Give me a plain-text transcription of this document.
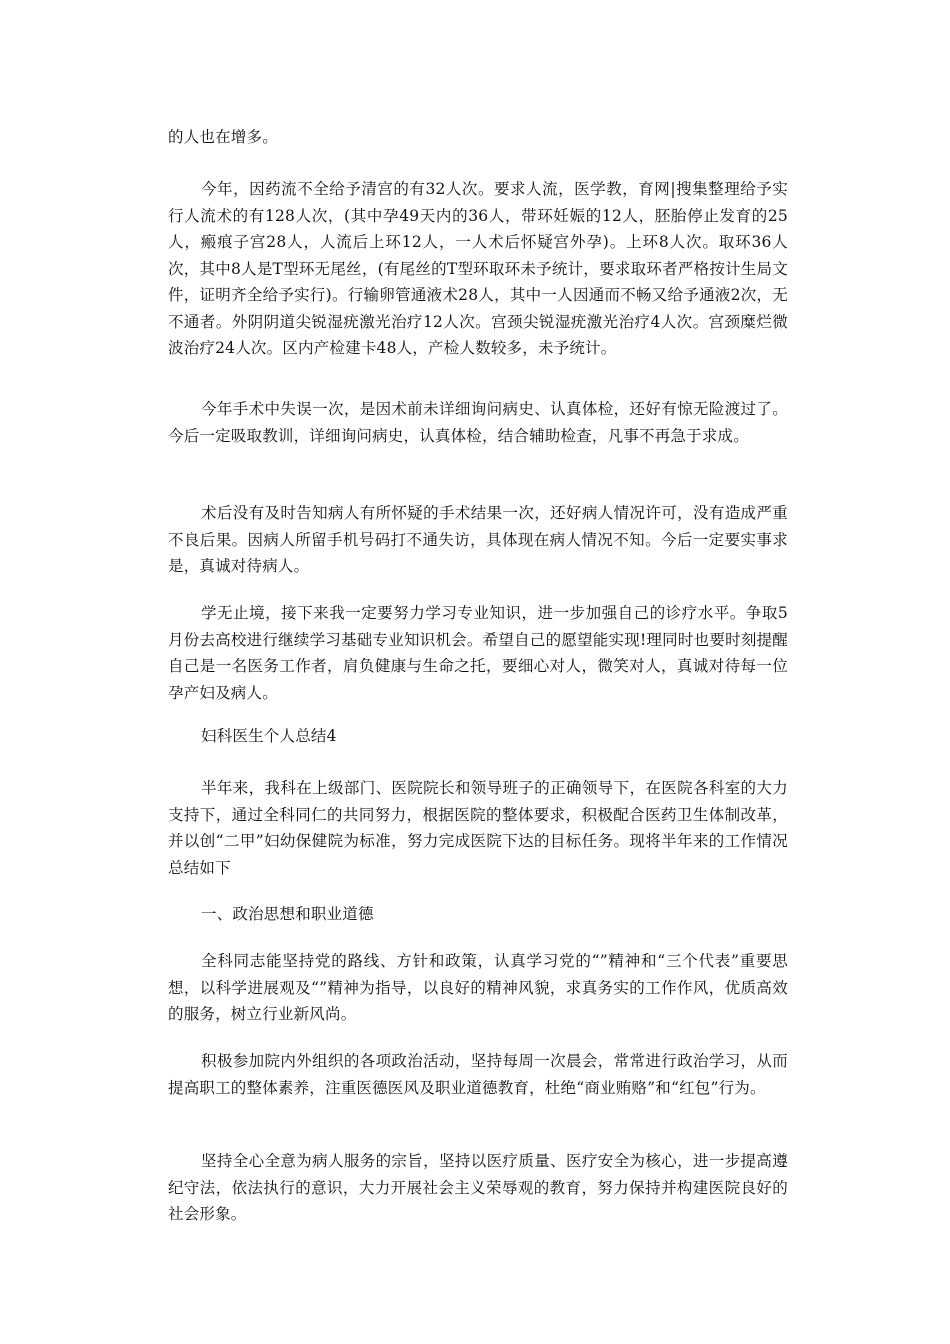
的人也在增多。

今年，因药流不全给予清宫的有32人次。要求人流，医学教，育网|搜集整理给予实行人流术的有128人次，(其中孕49天内的36人，带环妊娠的12人，胚胎停止发育的25人，瘢痕子宫28人，人流后上环12人，一人术后怀疑宫外孕)。上环8人次。取环36人次，其中8人是T型环无尾丝，(有尾丝的T型环取环未予统计，要求取环者严格按计生局文件，证明齐全给予实行)。行输卵管通液术28人，其中一人因通而不畅又给予通液2次，无不通者。外阴阴道尖锐湿疣激光治疗12人次。宫颈尖锐湿疣激光治疗4人次。宫颈糜烂微波治疗24人次。区内产检建卡48人，产检人数较多，未予统计。

今年手术中失误一次，是因术前未详细询问病史、认真体检，还好有惊无险渡过了。今后一定吸取教训，详细询问病史，认真体检，结合辅助检查，凡事不再急于求成。

术后没有及时告知病人有所怀疑的手术结果一次，还好病人情况许可，没有造成严重不良后果。因病人所留手机号码打不通失访，具体现在病人情况不知。今后一定要实事求是，真诚对待病人。

学无止境，接下来我一定要努力学习专业知识，进一步加强自己的诊疗水平。争取5月份去高校进行继续学习基础专业知识机会。希望自己的愿望能实现!理同时也要时刻提醒自己是一名医务工作者，肩负健康与生命之托，要细心对人，微笑对人，真诚对待每一位孕产妇及病人。

妇科医生个人总结4

半年来，我科在上级部门、医院院长和领导班子的正确领导下，在医院各科室的大力支持下，通过全科同仁的共同努力，根据医院的整体要求，积极配合医药卫生体制改革，并以创“二甲”妇幼保健院为标准，努力完成医院下达的目标任务。现将半年来的工作情况总结如下

一、政治思想和职业道德

全科同志能坚持党的路线、方针和政策，认真学习党的“”精神和“三个代表”重要思想，以科学进展观及“”精神为指导，以良好的精神风貌，求真务实的工作作风，优质高效的服务，树立行业新风尚。

积极参加院内外组织的各项政治活动，坚持每周一次晨会，常常进行政治学习，从而提高职工的整体素养，注重医德医风及职业道德教育，杜绝“商业贿赂”和“红包”行为。

坚持全心全意为病人服务的宗旨，坚持以医疗质量、医疗安全为核心，进一步提高遵纪守法，依法执行的意识，大力开展社会主义荣辱观的教育，努力保持并构建医院良好的社会形象。
